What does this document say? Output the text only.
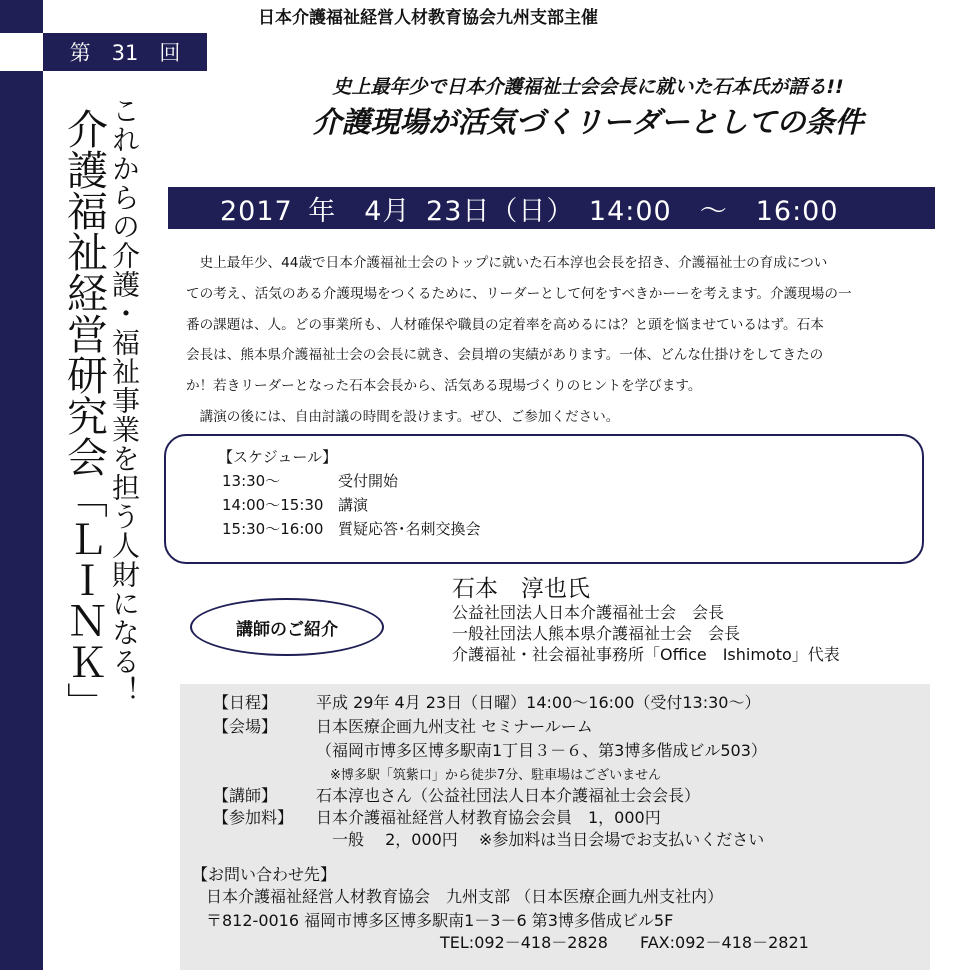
第　31　回
これからの介護・福祉事業を担う人財になる！
介護福祉経営研究会「ＬＩＮＫ」
日本介護福祉経営人材教育協会九州支部主催
史上最年少で日本介護福祉士会会長に就いた石本氏が語る!!
介護現場が活気づくリーダーとしての条件
2017 年　4月 23日（日）　14:00　～　16:00

　史上最年少、44歳で日本介護福祉士会のトップに就いた石本淳也会長を招き、介護福祉士の育成につい

ての考え、活気のある介護現場をつくるために、リーダーとして何をすべきかーーを考えます。介護現場の一

番の課題は、人。どの事業所も、人材確保や職員の定着率を高めるには？と頭を悩ませているはず。石本

会長は、熊本県介護福祉士会の会長に就き、会員増の実績があります。一体、どんな仕掛けをしてきたの

か！若きリーダーとなった石本会長から、活気ある現場づくりのヒントを学びます。

　講演の後には、自由討議の時間を設けます。ぜひ、ご参加ください。

【スケジュール】
13:30～	受付開始
14:00～15:30 講演
15:30～16:00 質疑応答･名刺交換会
講師のご紹介
石本　淳也氏
公益社団法人日本介護福祉士会　会長
一般社団法人熊本県介護福祉士会　会長
介護福祉・社会福祉事務所「Office　Ishimoto」代表
【日程】 平成 29年 4月 23日（日曜）14:00～16:00（受付13:30～）
【会場】 日本医療企画九州支社 セミナールーム
（福岡市博多区博多駅南1丁目３－６、第3博多偕成ビル503）
※博多駅「筑紫口」から徒歩7分、駐車場はございません
【講師】 石本淳也さん（公益社団法人日本介護福祉士会会長）
【参加料】 日本介護福祉経営人材教育協会会員　1，000円
一般　 2，000円　 ※参加料は当日会場でお支払いください
【お問い合わせ先】
日本介護福祉経営人材教育協会　九州支部 （日本医療企画九州支社内）
〒812-0016 福岡市博多区博多駅南1－3－6 第3博多偕成ビル5F
TEL:092－418－2828　　FAX:092－418－2821
